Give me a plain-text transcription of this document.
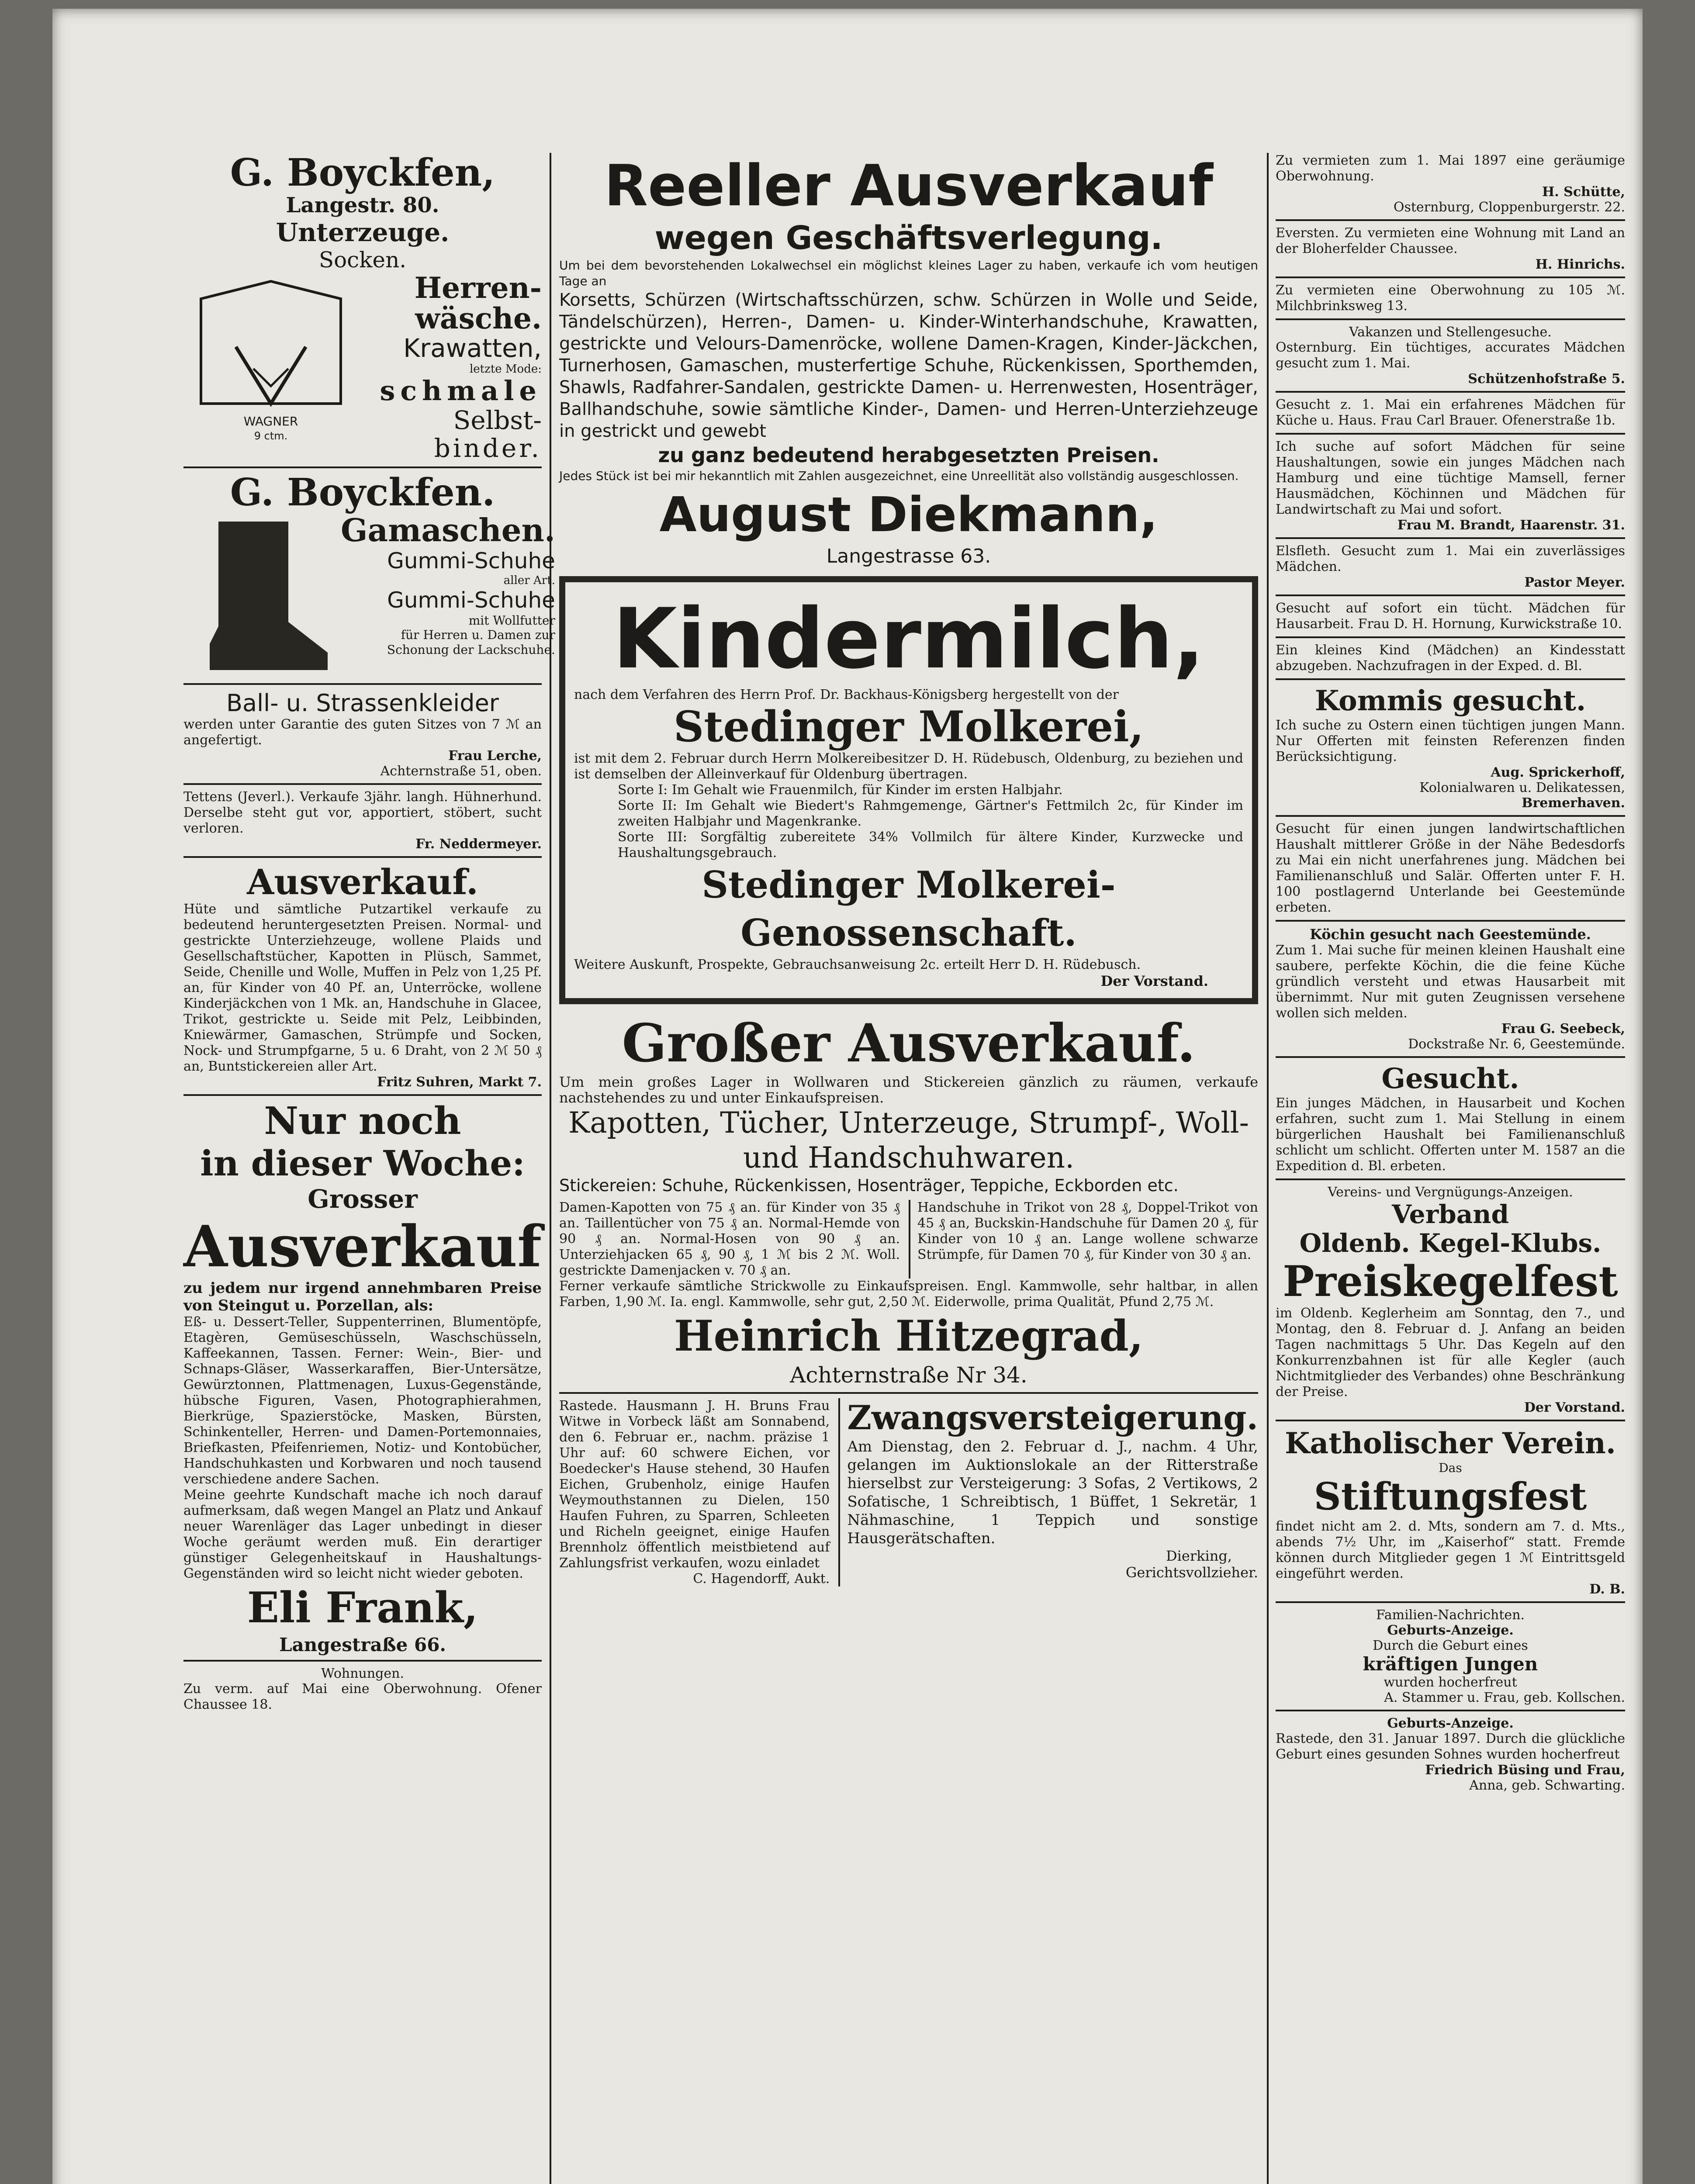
G. Boyckfen,
Langestr. 80.
Unterzeuge.
Socken.
WAGNER
9 ctm.
Herren-
wäsche.
Krawatten,
letzte Mode:
schmale
Selbst-
binder.
G. Boyckfen.
Gamaschen.
Gummi-Schuhe
aller Art.
Gummi-Schuhe
mit Wollfutter
für Herren u. Damen zur Schonung der Lackschuhe.
Ball- u. Strassenkleider
werden unter Garantie des guten Sitzes von 7 ℳ an angefertigt.
Frau Lerche,
Achternstraße 51, oben.
Tettens (Jeverl.). Verkaufe 3jähr. langh. Hühnerhund. Derselbe steht gut vor, apportiert, stöbert, sucht verloren.
Fr. Neddermeyer.
Ausverkauf.
Hüte und sämtliche Putzartikel verkaufe zu bedeutend heruntergesetzten Preisen. Normal- und gestrickte Unterziehzeuge, wollene Plaids und Gesellschaftstücher, Kapotten in Plüsch, Sammet, Seide, Chenille und Wolle, Muffen in Pelz von 1,25 Pf. an, für Kinder von 40 Pf. an, Unterröcke, wollene Kinderjäckchen von 1 Mk. an, Handschuhe in Glacee, Trikot, gestrickte u. Seide mit Pelz, Leibbinden, Kniewärmer, Gamaschen, Strümpfe und Socken, Nock- und Strumpfgarne, 5 u. 6 Draht, von 2 ℳ 50 ₰ an, Buntstickereien aller Art.
Fritz Suhren, Markt 7.
Nur noch
in dieser Woche:
Grosser
Ausverkauf
zu jedem nur irgend annehmbaren Preise von Steingut u. Porzellan, als:
Eß- u. Dessert-Teller, Suppenterrinen, Blumentöpfe, Etagèren, Gemüseschüsseln, Waschschüsseln, Kaffeekannen, Tassen. Ferner: Wein-, Bier- und Schnaps-Gläser, Wasserkaraffen, Bier-Untersätze, Gewürztonnen, Plattmenagen, Luxus-Gegenstände, hübsche Figuren, Vasen, Photographierahmen, Bierkrüge, Spazierstöcke, Masken, Bürsten, Schinkenteller, Herren- und Damen-Portemonnaies, Briefkasten, Pfeifenriemen, Notiz- und Kontobücher, Handschuhkasten und Korbwaren und noch tausend verschiedene andere Sachen.
Meine geehrte Kundschaft mache ich noch darauf aufmerksam, daß wegen Mangel an Platz und Ankauf neuer Warenläger das Lager unbedingt in dieser Woche geräumt werden muß. Ein derartiger günstiger Gelegenheitskauf in Haushaltungs-Gegenständen wird so leicht nicht wieder geboten.
Eli Frank,
Langestraße 66.
Wohnungen.
Zu verm. auf Mai eine Oberwohnung. Ofener Chaussee 18.
Reeller Ausverkauf
wegen Geschäftsverlegung.
Um bei dem bevorstehenden Lokalwechsel ein möglichst kleines Lager zu haben, verkaufe ich vom heutigen Tage an
Korsetts, Schürzen (Wirtschaftsschürzen, schw. Schürzen in Wolle und Seide, Tändelschürzen), Herren-, Damen- u. Kinder-Winterhandschuhe, Krawatten, gestrickte und Velours-Damenröcke, wollene Damen-Kragen, Kinder-Jäckchen, Turnerhosen, Gamaschen, musterfertige Schuhe, Rückenkissen, Sporthemden, Shawls, Radfahrer-Sandalen, gestrickte Damen- u. Herrenwesten, Hosenträger, Ballhandschuhe, sowie sämtliche Kinder-, Damen- und Herren-Unterziehzeuge in gestrickt und gewebt
zu ganz bedeutend herabgesetzten Preisen.
Jedes Stück ist bei mir hekanntlich mit Zahlen ausgezeichnet, eine Unreellität also vollständig ausgeschlossen.
August Diekmann,
Langestrasse 63.
Kindermilch,
nach dem Verfahren des Herrn Prof. Dr. Backhaus-Königsberg hergestellt von der
Stedinger Molkerei,
ist mit dem 2. Februar durch Herrn Molkereibesitzer D. H. Rüdebusch, Oldenburg, zu beziehen und ist demselben der Alleinverkauf für Oldenburg übertragen.
Sorte I: Im Gehalt wie Frauenmilch, für Kinder im ersten Halbjahr.
Sorte II: Im Gehalt wie Biedert's Rahmgemenge, Gärtner's Fettmilch 2c, für Kinder im zweiten Halbjahr und Magenkranke.
Sorte III: Sorgfältig zubereitete 34% Vollmilch für ältere Kinder, Kurzwecke und Haushaltungsgebrauch.
Stedinger Molkerei-Genossenschaft.
Weitere Auskunft, Prospekte, Gebrauchsanweisung 2c. erteilt Herr D. H. Rüdebusch.
Der Vorstand.
Großer Ausverkauf.
Um mein großes Lager in Wollwaren und Stickereien gänzlich zu räumen, verkaufe nachstehendes zu und unter Einkaufspreisen.
Kapotten, Tücher, Unterzeuge, Strumpf-, Woll- und Handschuhwaren.
Stickereien: Schuhe, Rückenkissen, Hosenträger, Teppiche, Eckborden etc.
Damen-Kapotten von 75 ₰ an. für Kinder von 35 ₰ an. Taillentücher von 75 ₰ an. Normal-Hemde von 90 ₰ an. Normal-Hosen von 90 ₰ an. Unterziehjacken 65 ₰, 90 ₰, 1 ℳ bis 2 ℳ. Woll. gestrickte Damenjacken v. 70 ₰ an.
Handschuhe in Trikot von 28 ₰, Doppel-Trikot von 45 ₰ an, Buckskin-Handschuhe für Damen 20 ₰, für Kinder von 10 ₰ an. Lange wollene schwarze Strümpfe, für Damen 70 ₰, für Kinder von 30 ₰ an.
Ferner verkaufe sämtliche Strickwolle zu Einkaufspreisen. Engl. Kammwolle, sehr haltbar, in allen Farben, 1,90 ℳ. Ia. engl. Kammwolle, sehr gut, 2,50 ℳ. Eiderwolle, prima Qualität, Pfund 2,75 ℳ.
Heinrich Hitzegrad,
Achternstraße Nr 34.
Rastede. Hausmann J. H. Bruns Frau Witwe in Vorbeck läßt am Sonnabend, den 6. Februar er., nachm. präzise 1 Uhr auf: 60 schwere Eichen, vor Boedecker's Hause stehend, 30 Haufen Eichen, Grubenholz, einige Haufen Weymouthstannen zu Dielen, 150 Haufen Fuhren, zu Sparren, Schleeten und Richeln geeignet, einige Haufen Brennholz öffentlich meistbietend auf Zahlungsfrist verkaufen, wozu einladet
C. Hagendorff, Aukt.
Zwangsversteigerung.
Am Dienstag, den 2. Februar d. J., nachm. 4 Uhr, gelangen im Auktionslokale an der Ritterstraße hierselbst zur Versteigerung: 3 Sofas, 2 Vertikows, 2 Sofatische, 1 Schreibtisch, 1 Büffet, 1 Sekretär, 1 Nähmaschine, 1 Teppich und sonstige Hausgerätschaften.
Dierking,
Gerichtsvollzieher.
Zu vermieten zum 1. Mai 1897 eine geräumige Oberwohnung.
H. Schütte,
Osternburg, Cloppenburgerstr. 22.
Eversten. Zu vermieten eine Wohnung mit Land an der Bloherfelder Chaussee.
H. Hinrichs.
Zu vermieten eine Oberwohnung zu 105 ℳ. Milchbrinksweg 13.
Vakanzen und Stellengesuche.
Osternburg. Ein tüchtiges, accurates Mädchen gesucht zum 1. Mai.
Schützenhofstraße 5.
Gesucht z. 1. Mai ein erfahrenes Mädchen für Küche u. Haus. Frau Carl Brauer. Ofenerstraße 1b.
Ich suche auf sofort Mädchen für seine Haushaltungen, sowie ein junges Mädchen nach Hamburg und eine tüchtige Mamsell, ferner Hausmädchen, Köchinnen und Mädchen für Landwirtschaft zu Mai und sofort.
Frau M. Brandt, Haarenstr. 31.
Elsfleth. Gesucht zum 1. Mai ein zuverlässiges Mädchen.
Pastor Meyer.
Gesucht auf sofort ein tücht. Mädchen für Hausarbeit. Frau D. H. Hornung, Kurwickstraße 10.
Ein kleines Kind (Mädchen) an Kindesstatt abzugeben. Nachzufragen in der Exped. d. Bl.
Kommis gesucht.
Ich suche zu Ostern einen tüchtigen jungen Mann. Nur Offerten mit feinsten Referenzen finden Berücksichtigung.
Aug. Sprickerhoff,
Kolonialwaren u. Delikatessen,
Bremerhaven.
Gesucht für einen jungen landwirtschaftlichen Haushalt mittlerer Größe in der Nähe Bedesdorfs zu Mai ein nicht unerfahrenes jung. Mädchen bei Familienanschluß und Salär. Offerten unter F. H. 100 postlagernd Unterlande bei Geestemünde erbeten.
Köchin gesucht nach Geestemünde.
Zum 1. Mai suche für meinen kleinen Haushalt eine saubere, perfekte Köchin, die die feine Küche gründlich versteht und etwas Hausarbeit mit übernimmt. Nur mit guten Zeugnissen versehene wollen sich melden.
Frau G. Seebeck,
Dockstraße Nr. 6, Geestemünde.
Gesucht.
Ein junges Mädchen, in Hausarbeit und Kochen erfahren, sucht zum 1. Mai Stellung in einem bürgerlichen Haushalt bei Familienanschluß schlicht um schlicht. Offerten unter M. 1587 an die Expedition d. Bl. erbeten.
Vereins- und Vergnügungs-Anzeigen.
Verband
Oldenb. Kegel-Klubs.
Preiskegelfest
im Oldenb. Keglerheim am Sonntag, den 7., und Montag, den 8. Februar d. J. Anfang an beiden Tagen nachmittags 5 Uhr. Das Kegeln auf den Konkurrenzbahnen ist für alle Kegler (auch Nichtmitglieder des Verbandes) ohne Beschränkung der Preise.
Der Vorstand.
Katholischer Verein.
Das
Stiftungsfest
findet nicht am 2. d. Mts, sondern am 7. d. Mts., abends 7½ Uhr, im „Kaiserhof“ statt. Fremde können durch Mitglieder gegen 1 ℳ Eintrittsgeld eingeführt werden.
D. B.
Familien-Nachrichten.
Geburts-Anzeige.
Durch die Geburt eines
kräftigen Jungen
wurden hocherfreut
A. Stammer u. Frau, geb. Kollschen.
Geburts-Anzeige.
Rastede, den 31. Januar 1897. Durch die glückliche Geburt eines gesunden Sohnes wurden hocherfreut
Friedrich Büsing und Frau,
Anna, geb. Schwarting.
